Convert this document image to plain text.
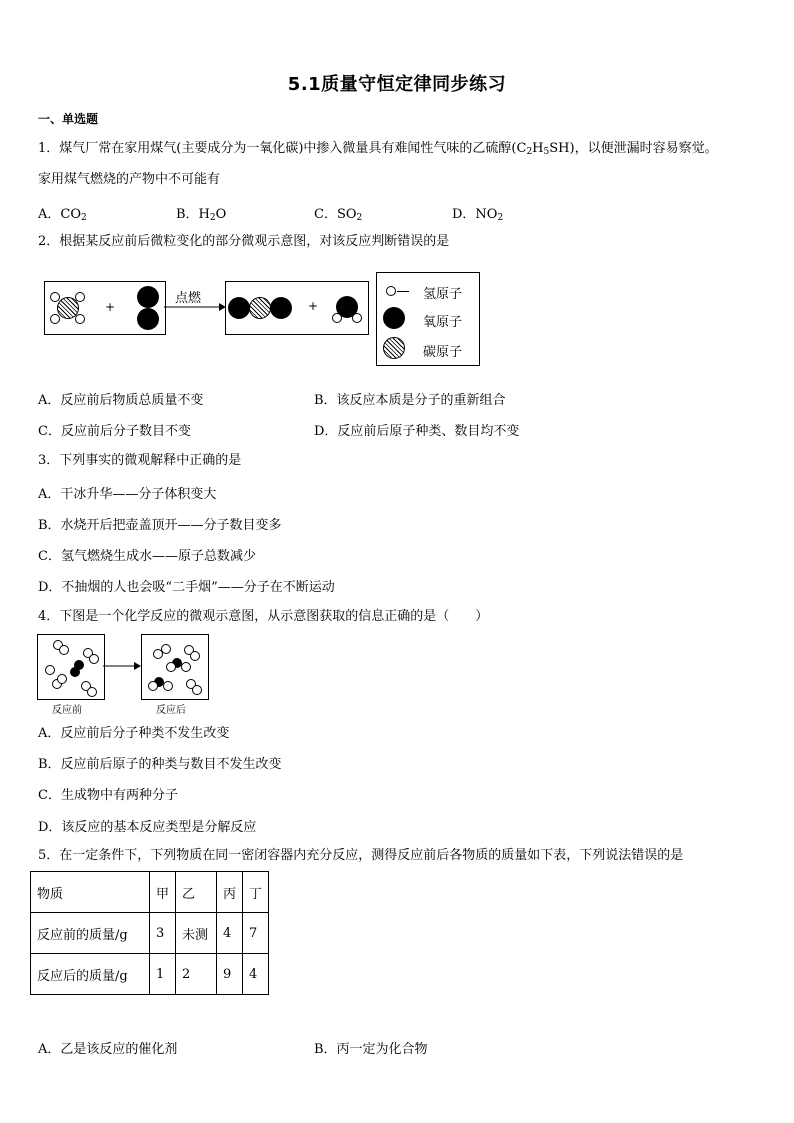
5.1质量守恒定律同步练习
一、单选题
1．煤气厂常在家用煤气(主要成分为一氧化碳)中掺入微量具有难闻性气味的乙硫醇$(C_2H_5SH)$，以便泄漏时容易察觉。
家用煤气燃烧的产物中不可能有
A．$CO_2$	B．$H_2O$	C．$SO_2$	D．$NO_2$
2．根据某反应前后微粒变化的部分微观示意图，对该反应判断错误的是
+
点燃	+
氢原子
氧原子
碳原子
A．反应前后物质总质量不变	B．该反应本质是分子的重新组合
C．反应前后分子数目不变	D．反应前后原子种类、数目均不变
3．下列事实的微观解释中正确的是
A．干冰升华——分子体积变大
B．水烧开后把壶盖顶开——分子数目变多
C．氢气燃烧生成水——原子总数减少
D．不抽烟的人也会吸“二手烟”——分子在不断运动
4．下图是一个化学反应的微观示意图，从示意图获取的信息正确的是（　　）
反应前	反应后
A．反应前后分子种类不发生改变
B．反应前后原子的种类与数目不发生改变
C．生成物中有两种分子
D．该反应的基本反应类型是分解反应
5．在一定条件下，下列物质在同一密闭容器内充分反应，测得反应前后各物质的质量如下表，下列说法错误的是
物质	甲	乙	丙	丁
反应前的质量/g	3	未测	4	7
反应后的质量/g	1	2	9	4
A．乙是该反应的催化剂	B．丙一定为化合物
